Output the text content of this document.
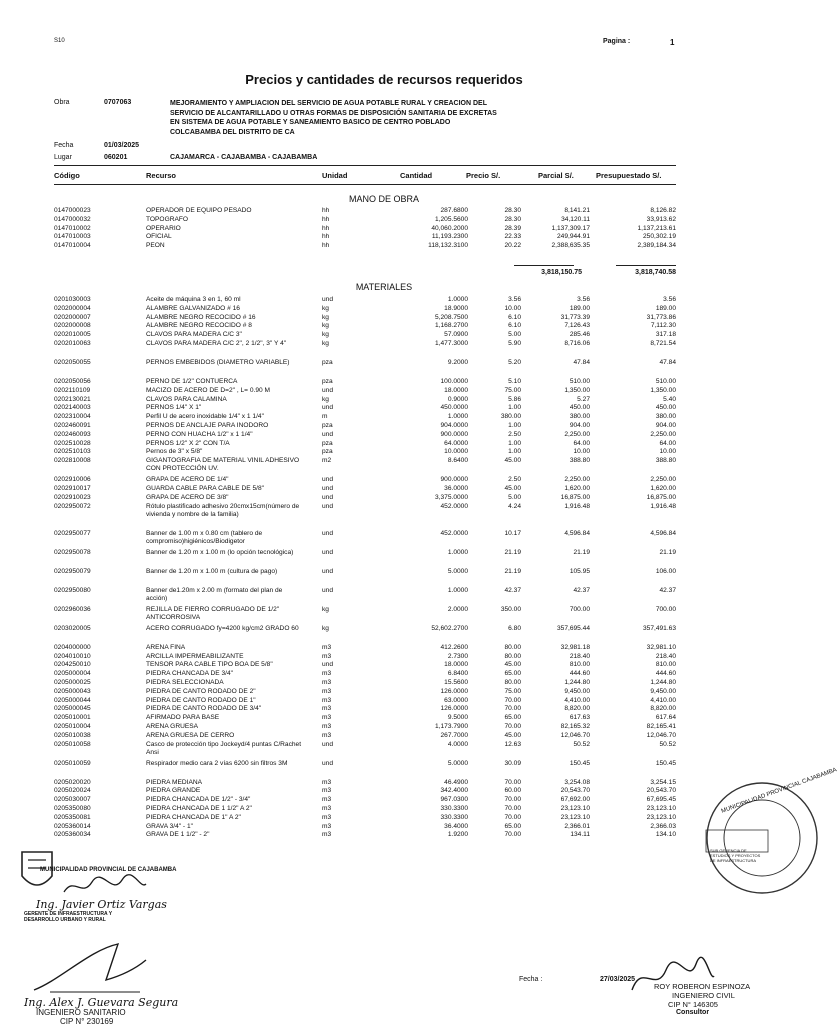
S10	Pagina :	1
Precios y cantidades de recursos requeridos
Obra	0707063	MEJORAMIENTO Y AMPLIACION DEL SERVICIO DE AGUA POTABLE RURAL Y CREACION DEL
SERVICIO DE ALCANTARILLADO U OTRAS FORMAS DE DISPOSICIÓN SANITARIA DE EXCRETAS
EN SISTEMA DE AGUA POTABLE Y SANEAMIENTO BASICO DE CENTRO POBLADO
COLCABAMBA DEL DISTRITO DE CA
Fecha	01/03/2025
Lugar	060201	CAJAMARCA - CAJABAMBA - CAJABAMBA
Código	Recurso	Unidad	Cantidad	Precio S/.	Parcial S/.	Presupuestado S/.
MANO DE OBRA
0147000023	OPERADOR DE EQUIPO PESADO	hh	287.6800	28.30	8,141.21	8,126.82
0147000032	TOPOGRAFO	hh	1,205.5600	28.30	34,120.11	33,913.62
0147010002	OPERARIO	hh	40,060.2000	28.39	1,137,309.17	1,137,213.61
0147010003	OFICIAL	hh	11,193.2300	22.33	249,944.91	250,302.19
0147010004	PEON	hh	118,132.3100	20.22	2,388,635.35	2,389,184.34
3,818,150.75	3,818,740.58
MATERIALES
0201030003	Aceite de máquina 3 en 1, 60 ml	und	1.0000	3.56	3.56	3.56
0202000004	ALAMBRE GALVANIZADO # 16	kg	18.9000	10.00	189.00	189.00
0202000007	ALAMBRE NEGRO RECOCIDO # 16	kg	5,208.7500	6.10	31,773.39	31,773.86
0202000008	ALAMBRE NEGRO RECOCIDO # 8	kg	1,168.2700	6.10	7,126.43	7,112.30
0202010005	CLAVOS PARA MADERA C/C 3"	kg	57.0900	5.00	285.46	317.18
0202010063	CLAVOS PARA MADERA C/C 2", 2 1/2", 3" Y 4"	kg	1,477.3000	5.90	8,716.06	8,721.54
0202050055	PERNOS EMBEBIDOS (DIAMETRO VARIABLE)	pza	9.2000	5.20	47.84	47.84
0202050056	PERNO DE 1/2" CONTUERCA	pza	100.0000	5.10	510.00	510.00
0202110109	MACIZO DE ACERO DE D=2" , L= 0.90 M	und	18.0000	75.00	1,350.00	1,350.00
0202130021	CLAVOS PARA CALAMINA	kg	0.9000	5.86	5.27	5.40
0202140003	PERNOS 1/4" X 1"	und	450.0000	1.00	450.00	450.00
0202310004	Perfil U de acero inoxidable 1/4" x 1 1/4"	m	1.0000	380.00	380.00	380.00
0202460091	PERNOS DE ANCLAJE PARA INODORO	pza	904.0000	1.00	904.00	904.00
0202460093	PERNO CON HUACHA 1/2" x 1 1/4"	und	900.0000	2.50	2,250.00	2,250.00
0202510028	PERNOS 1/2" X 2" CON T/A	pza	64.0000	1.00	64.00	64.00
0202510103	Pernos de 3" x 5/8"	pza	10.0000	1.00	10.00	10.00
0202810008	GIGANTOGRAFIA DE MATERIAL VINIL ADHESIVO CON PROTECCIÓN UV.
m2	8.6400	45.00	388.80	388.80
0202910006	GRAPA DE ACERO DE 1/4"	und	900.0000	2.50	2,250.00	2,250.00
0202910017	GUARDA CABLE PARA CABLE DE 5/8"	und	36.0000	45.00	1,620.00	1,620.00
0202910023	GRAPA DE ACERO DE 3/8"	und	3,375.0000	5.00	16,875.00	16,875.00
0202950072	Rótulo plastificado adhesivo 20cmx15cm(número de vivienda y nombre de la familia)
und	452.0000	4.24	1,916.48	1,916.48
0202950077	Banner de 1.00 m x 0.80 cm (tablero de compromiso)higiénicos/Biodigetor
und	452.0000	10.17	4,596.84	4,596.84
0202950078	Banner de 1.20 m x 1.00 m (lo opción tecnológica)	und	1.0000	21.19	21.19	21.19
0202950079	Banner de 1.20 m x 1.00 m (cultura de pago)	und	5.0000	21.19	105.95	106.00
0202950080	Banner de1.20m x 2.00 m (formato del plan de acción)
und	1.0000	42.37	42.37	42.37
0202960036	REJILLA DE FIERRO CORRUGADO DE 1/2" ANTICORROSIVA
kg	2.0000	350.00	700.00	700.00
0203020005	ACERO CORRUGADO fy=4200 kg/cm2 GRADO 60	kg	52,602.2700	6.80	357,695.44	357,491.63
0204000000	ARENA FINA	m3	412.2600	80.00	32,981.18	32,981.10
0204010010	ARCILLA IMPERMEABILIZANTE	m3	2.7300	80.00	218.40	218.40
0204250010	TENSOR PARA CABLE TIPO BOA DE 5/8"	und	18.0000	45.00	810.00	810.00
0205000004	PIEDRA CHANCADA DE 3/4"	m3	6.8400	65.00	444.60	444.60
0205000025	PIEDRA SELECCIONADA	m3	15.5600	80.00	1,244.80	1,244.80
0205000043	PIEDRA DE CANTO RODADO DE 2"	m3	126.0000	75.00	9,450.00	9,450.00
0205000044	PIEDRA DE CANTO RODADO DE 1"	m3	63.0000	70.00	4,410.00	4,410.00
0205000045	PIEDRA DE CANTO RODADO DE 3/4"	m3	126.0000	70.00	8,820.00	8,820.00
0205010001	AFIRMADO PARA BASE	m3	9.5000	65.00	617.63	617.64
0205010004	ARENA GRUESA	m3	1,173.7900	70.00	82,165.32	82,165.41
0205010038	ARENA GRUESA DE CERRO	m3	267.7000	45.00	12,046.70	12,046.70
0205010058	Casco de protección tipo Jockeyd/4 puntas C/Rachet Ansi
und	4.0000	12.63	50.52	50.52
0205010059	Respirador medio cara 2 vías 6200 sin filtros 3M	und	5.0000	30.09	150.45	150.45
0205020020	PIEDRA MEDIANA	m3	46.4900	70.00	3,254.08	3,254.15
0205020024	PIEDRA GRANDE	m3	342.4000	60.00	20,543.70	20,543.70
0205030007	PIEDRA CHANCADA DE 1/2" - 3/4"	m3	967.0300	70.00	67,692.00	67,695.45
0205350080	PIEDRA CHANCADA DE 1 1/2" A 2"	m3	330.3300	70.00	23,123.10	23,123.10
0205350081	PIEDRA CHANCADA DE 1" A 2"	m3	330.3300	70.00	23,123.10	23,123.10
0205360014	GRAVA 3/4" - 1"	m3	36.4000	65.00	2,366.01	2,366.03
0205360034	GRAVA DE 1 1/2" - 2"	m3	1.9200	70.00	134.11	134.10
Fecha :	27/03/2025
SUB GERENCIA DE ESTUDIOS Y PROYECTOS DE INFRAESTRUCTURA
MUNICIPALIDAD PROVINCIAL CAJABAMBA
MUNICIPALIDAD PROVINCIAL DE CAJABAMBA
Ing. Javier Ortiz Vargas
GERENTE DE INFRAESTRUCTURA Y DESARROLLO URBANO Y RURAL
Ing. Alex J. Guevara Segura
INGENIERO SANITARIO
CIP N° 230169
ROY ROBERON ESPINOZA
INGENIERO CIVIL
CIP N° 146305
Consultor
